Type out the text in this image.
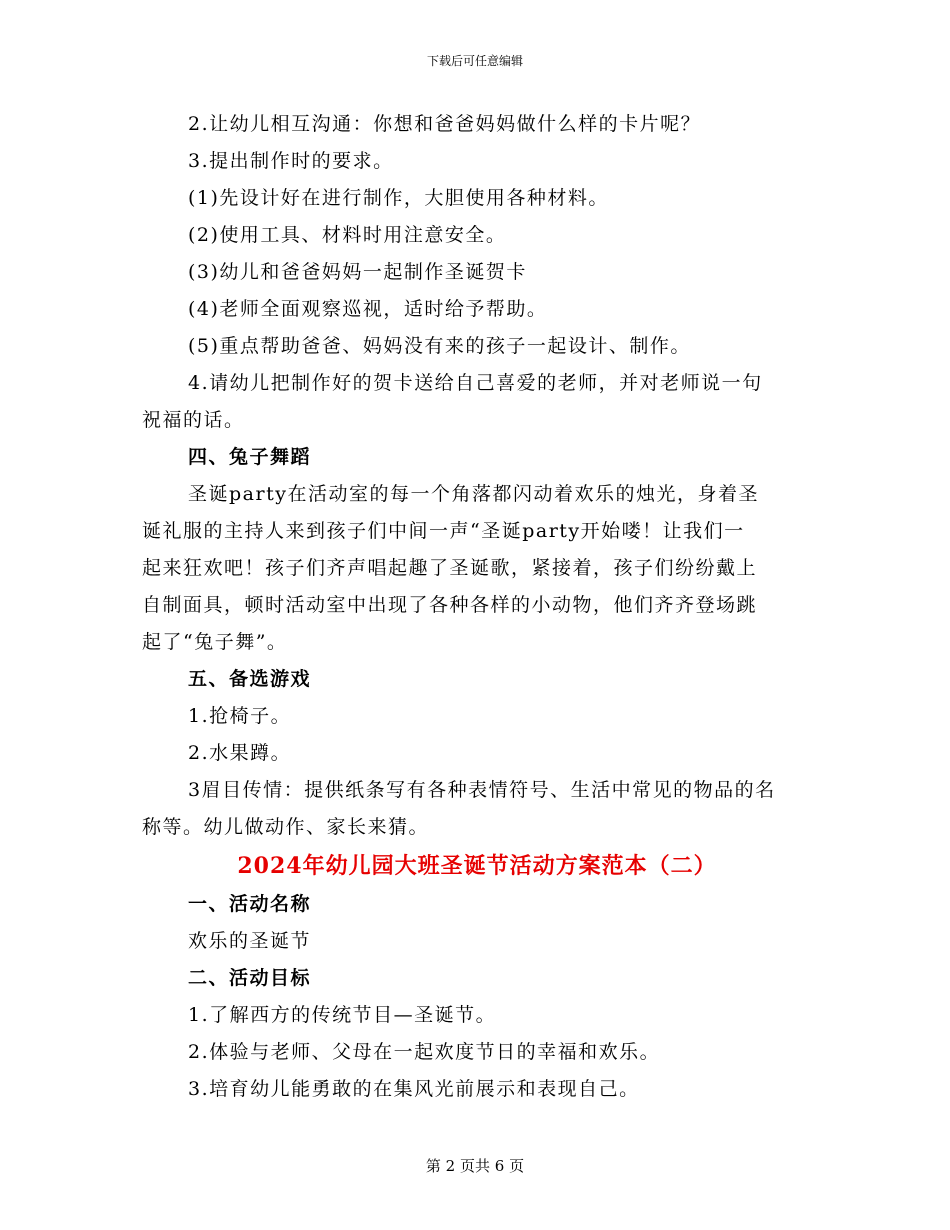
下载后可任意编辑

2.让幼儿相互沟通：你想和爸爸妈妈做什么样的卡片呢？

3.提出制作时的要求。

(1)先设计好在进行制作，大胆使用各种材料。

(2)使用工具、材料时用注意安全。

(3)幼儿和爸爸妈妈一起制作圣诞贺卡

(4)老师全面观察巡视，适时给予帮助。

(5)重点帮助爸爸、妈妈没有来的孩子一起设计、制作。

4.请幼儿把制作好的贺卡送给自己喜爱的老师，并对老师说一句

祝福的话。

四、兔子舞蹈

圣诞party在活动室的每一个角落都闪动着欢乐的烛光，身着圣

诞礼服的主持人来到孩子们中间一声“圣诞party开始喽！让我们一

起来狂欢吧！孩子们齐声唱起趣了圣诞歌，紧接着，孩子们纷纷戴上

自制面具，顿时活动室中出现了各种各样的小动物，他们齐齐登场跳

起了“兔子舞”。

五、备选游戏

1.抢椅子。

2.水果蹲。

3眉目传情：提供纸条写有各种表情符号、生活中常见的物品的名

称等。幼儿做动作、家长来猜。

2024年幼儿园大班圣诞节活动方案范本（二）

一、活动名称

欢乐的圣诞节

二、活动目标

1.了解西方的传统节目—圣诞节。

2.体验与老师、父母在一起欢度节日的幸福和欢乐。

3.培育幼儿能勇敢的在集风光前展示和表现自己。

第 2 页共 6 页
